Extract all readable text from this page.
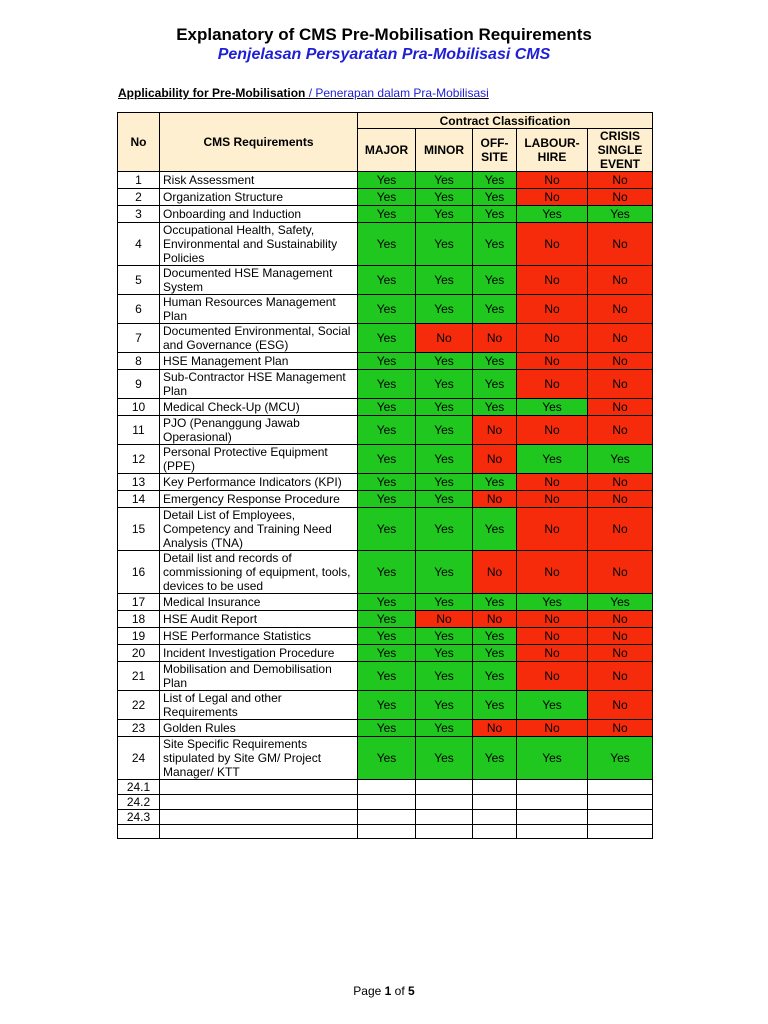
Explanatory of CMS Pre-Mobilisation Requirements
Penjelasan Persyaratan Pra-Mobilisasi CMS
Applicability for Pre-Mobilisation / Penerapan dalam Pra-Mobilisasi
No	CMS Requirements	Contract Classification				
		MAJOR	MINOR	OFF-SITE	LABOUR-HIRE	CRISIS SINGLE EVENT
1	Risk Assessment	Yes	Yes	Yes	No	No
2	Organization Structure	Yes	Yes	Yes	No	No
3	Onboarding and Induction	Yes	Yes	Yes	Yes	Yes
4	Occupational Health, Safety, Environmental and Sustainability Policies	Yes	Yes	Yes	No	No
5	Documented HSE Management System	Yes	Yes	Yes	No	No
6	Human Resources Management Plan	Yes	Yes	Yes	No	No
7	Documented Environmental, Social and Governance (ESG)	Yes	No	No	No	No
8	HSE Management Plan	Yes	Yes	Yes	No	No
9	Sub-Contractor HSE Management Plan	Yes	Yes	Yes	No	No
10	Medical Check-Up (MCU)	Yes	Yes	Yes	Yes	No
11	PJO (Penanggung Jawab Operasional)	Yes	Yes	No	No	No
12	Personal Protective Equipment (PPE)	Yes	Yes	No	Yes	Yes
13	Key Performance Indicators (KPI)	Yes	Yes	Yes	No	No
14	Emergency Response Procedure	Yes	Yes	No	No	No
15	Detail List of Employees, Competency and Training Need Analysis (TNA)	Yes	Yes	Yes	No	No
16	Detail list and records of commissioning of equipment, tools, devices to be used	Yes	Yes	No	No	No
17	Medical Insurance	Yes	Yes	Yes	Yes	Yes
18	HSE Audit Report	Yes	No	No	No	No
19	HSE Performance Statistics	Yes	Yes	Yes	No	No
20	Incident Investigation Procedure	Yes	Yes	Yes	No	No
21	Mobilisation and Demobilisation Plan	Yes	Yes	Yes	No	No
22	List of Legal and other Requirements	Yes	Yes	Yes	Yes	No
23	Golden Rules	Yes	Yes	No	No	No
24	Site Specific Requirements stipulated by Site GM/ Project Manager/ KTT	Yes	Yes	Yes	Yes	Yes
24.1						
24.2						
24.3						

Page 1 of 5
